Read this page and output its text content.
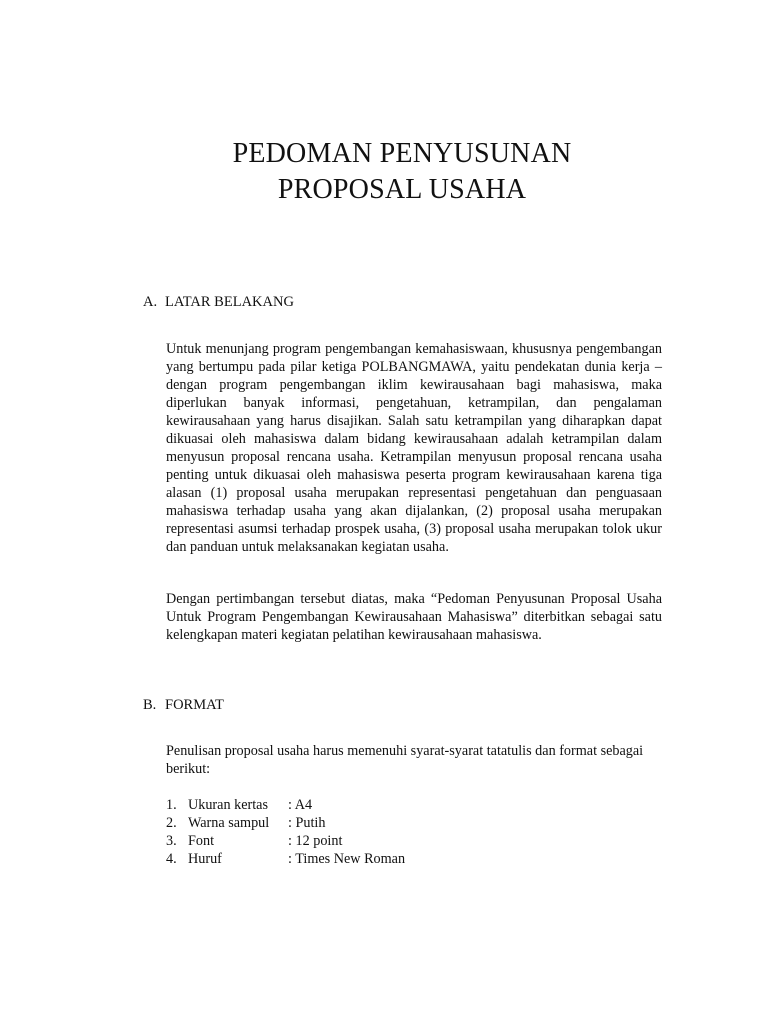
PEDOMAN PENYUSUNAN
PROPOSAL USAHA
A. LATAR BELAKANG

Untuk menunjang program pengembangan kemahasiswaan, khususnya pengembangan yang bertumpu pada pilar ketiga POLBANGMAWA, yaitu pendekatan dunia kerja – dengan program pengembangan iklim kewirausahaan bagi mahasiswa, maka diperlukan banyak informasi, pengetahuan, ketrampilan, dan pengalaman kewirausahaan yang harus disajikan. Salah satu ketrampilan yang diharapkan dapat dikuasai oleh mahasiswa dalam bidang kewirausahaan adalah ketrampilan dalam menyusun proposal rencana usaha. Ketrampilan menyusun proposal rencana usaha penting untuk dikuasai oleh mahasiswa peserta program kewirausahaan karena tiga alasan (1) proposal usaha merupakan representasi pengetahuan dan penguasaan mahasiswa terhadap usaha yang akan dijalankan, (2) proposal usaha merupakan representasi asumsi terhadap prospek usaha, (3) proposal usaha merupakan tolok ukur dan panduan untuk melaksanakan kegiatan usaha.

Dengan pertimbangan tersebut diatas, maka “Pedoman Penyusunan Proposal Usaha Untuk Program Pengembangan Kewirausahaan Mahasiswa” diterbitkan sebagai satu kelengkapan materi kegiatan pelatihan kewirausahaan mahasiswa.

B. FORMAT

Penulisan proposal usaha harus memenuhi syarat-syarat tatatulis dan format sebagai berikut:

1. Ukuran kertas	: A4
2. Warna sampul	: Putih
3. Font	: 12 point
4. Huruf	: Times New Roman
